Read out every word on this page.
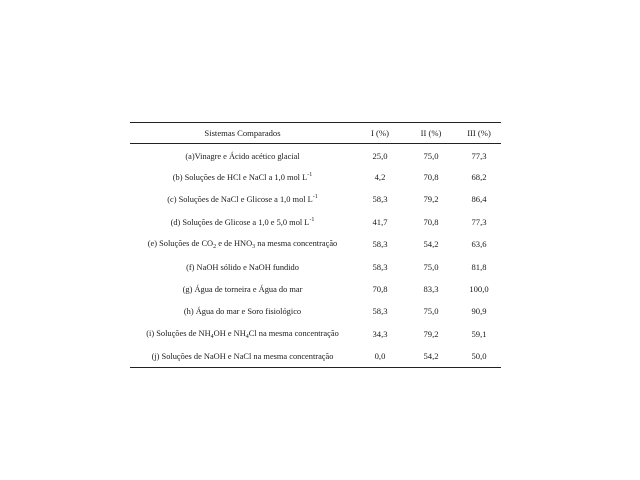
Sistemas Comparados	I (%)	II (%)	III (%)
(a)Vinagre e Ácido acético glacial	25,0	75,0	77,3
(b) Soluções de HCl e NaCl a 1,0 mol $L^{-1}$	4,2	70,8	68,2
(c) Soluções de NaCl e Glicose a 1,0 mol $L^{-1}$	58,3	79,2	86,4
(d) Soluções de Glicose a 1,0 e 5,0 mol $L^{-1}$	41,7	70,8	77,3
(e) Soluções de $CO_2$ e de $HNO_3$ na mesma concentração	58,3	54,2	63,6
(f) NaOH sólido e NaOH fundido	58,3	75,0	81,8
(g) Água de torneira e Água do mar	70,8	83,3	100,0
(h) Água do mar e Soro fisiológico	58,3	75,0	90,9
(i) Soluções de $NH_4OH$ e $NH_4Cl$ na mesma concentração	34,3	79,2	59,1
(j) Soluções de NaOH e NaCl na mesma concentração	0,0	54,2	50,0
